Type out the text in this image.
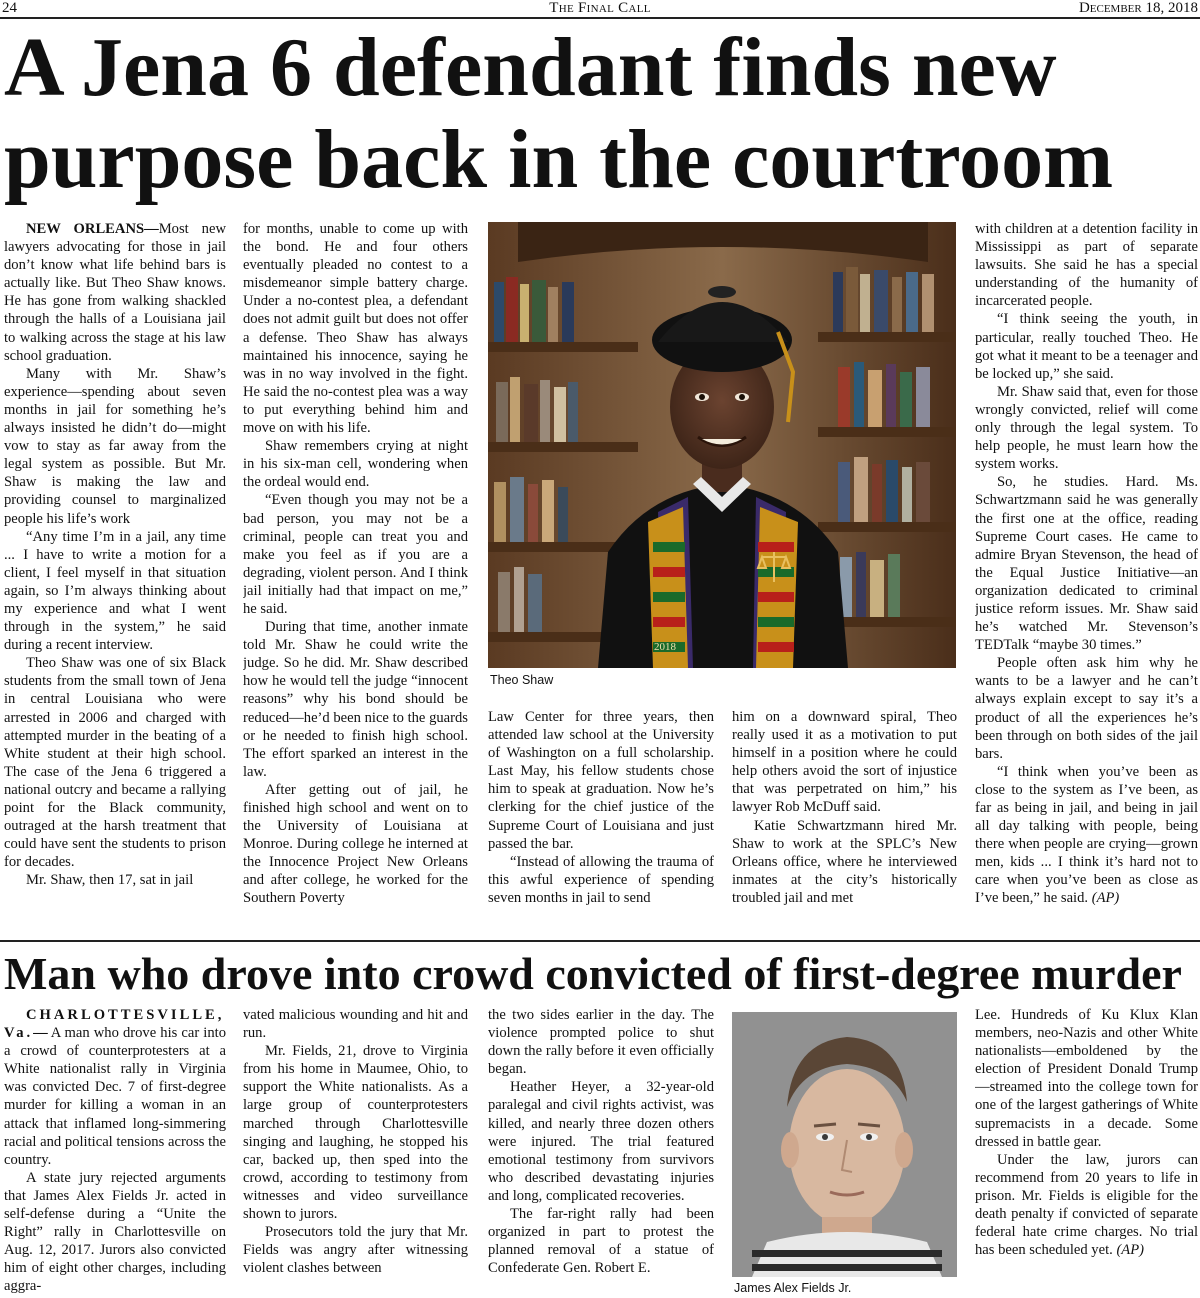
24	The Final Call	December 18, 2018
A Jena 6 defendant finds new
purpose back in the courtroom

NEW ORLEANS—Most new lawyers advocating for those in jail don’t know what life behind bars is actually like. But Theo Shaw knows. He has gone from walking shackled through the halls of a Louisiana jail to walking across the stage at his law school graduation.

Many with Mr. Shaw’s experience—spending about seven months in jail for something he’s always insisted he didn’t do—might vow to stay as far away from the legal system as possible. But Mr. Shaw is making the law and providing counsel to marginalized people his life’s work

“Any time I’m in a jail, any time ... I have to write a motion for a client, I feel myself in that situation again, so I’m always thinking about my experience and what I went through in the system,” he said during a recent interview.

Theo Shaw was one of six Black students from the small town of Jena in central Louisiana who were arrested in 2006 and charged with attempted murder in the beating of a White student at their high school. The case of the Jena 6 triggered a national outcry and became a rallying point for the Black community, outraged at the harsh treatment that could have sent the students to prison for decades.

Mr. Shaw, then 17, sat in jail

for months, unable to come up with the bond. He and four others eventually pleaded no contest to a misdemeanor simple battery charge. Under a no-contest plea, a defendant does not admit guilt but does not offer a defense. Theo Shaw has always maintained his innocence, saying he was in no way involved in the fight. He said the no-contest plea was a way to put everything behind him and move on with his life.

Shaw remembers crying at night in his six-man cell, wondering when the ordeal would end.

“Even though you may not be a bad person, you may not be a criminal, people can treat you and make you feel as if you are a degrading, violent person. And I think jail initially had that impact on me,” he said.

During that time, another inmate told Mr. Shaw he could write the judge. So he did. Mr. Shaw described how he would tell the judge “innocent reasons” why his bond should be reduced—he’d been nice to the guards or he needed to finish high school. The effort sparked an interest in the law.

After getting out of jail, he finished high school and went on to the University of Louisiana at Monroe. During college he interned at the Innocence Project New Orleans and after college, he worked for the Southern Poverty

2018
Theo Shaw

Law Center for three years, then attended law school at the University of Washington on a full scholarship. Last May, his fellow students chose him to speak at graduation. Now he’s clerking for the chief justice of the Supreme Court of Louisiana and just passed the bar.

“Instead of allowing the trauma of this awful experience of spending seven months in jail to send

him on a downward spiral, Theo really used it as a motivation to put himself in a position where he could help others avoid the sort of injustice that was perpetrated on him,” his lawyer Rob McDuff said.

Katie Schwartzmann hired Mr. Shaw to work at the SPLC’s New Orleans office, where he interviewed inmates at the city’s historically troubled jail and met

with children at a detention facility in Mississippi as part of separate lawsuits. She said he has a special understanding of the humanity of incarcerated people.

“I think seeing the youth, in particular, really touched Theo. He got what it meant to be a teenager and be locked up,” she said.

Mr. Shaw said that, even for those wrongly convicted, relief will come only through the legal system. To help people, he must learn how the system works.

So, he studies. Hard. Ms. Schwartzmann said he was generally the first one at the office, reading Supreme Court cases. He came to admire Bryan Stevenson, the head of the Equal Justice Initiative—an organization dedicated to criminal justice reform issues. Mr. Shaw said he’s watched Mr. Stevenson’s TEDTalk “maybe 30 times.”

People often ask him why he wants to be a lawyer and he can’t always explain except to say it’s a product of all the experiences he’s been through on both sides of the jail bars.

“I think when you’ve been as close to the system as I’ve been, as far as being in jail, and being in jail all day talking with people, being there when people are crying—grown men, kids ... I think it’s hard not to care when you’ve been as close as I’ve been,” he said. (AP)

Man who drove into crowd convicted of first-degree murder

CHARLOTTESVILLE, Va.—A man who drove his car into a crowd of counterprotesters at a White nationalist rally in Virginia was convicted Dec. 7 of first-degree murder for killing a woman in an attack that inflamed long-simmering racial and political tensions across the country.

A state jury rejected arguments that James Alex Fields Jr. acted in self-defense during a “Unite the Right” rally in Charlottesville on Aug. 12, 2017. Jurors also convicted him of eight other charges, including aggra-

vated malicious wounding and hit and run.

Mr. Fields, 21, drove to Virginia from his home in Maumee, Ohio, to support the White nationalists. As a large group of counterprotesters marched through Charlottesville singing and laughing, he stopped his car, backed up, then sped into the crowd, according to testimony from witnesses and video surveillance shown to jurors.

Prosecutors told the jury that Mr. Fields was angry after witnessing violent clashes between

the two sides earlier in the day. The violence prompted police to shut down the rally before it even officially began.

Heather Heyer, a 32-year-old paralegal and civil rights activist, was killed, and nearly three dozen others were injured. The trial featured emotional testimony from survivors who described devastating injuries and long, complicated recoveries.

The far-right rally had been organized in part to protest the planned removal of a statue of Confederate Gen. Robert E.

James Alex Fields Jr.

Lee. Hundreds of Ku Klux Klan members, neo-Nazis and other White nationalists—emboldened by the election of President Donald Trump—streamed into the college town for one of the largest gatherings of White supremacists in a decade. Some dressed in battle gear.

Under the law, jurors can recommend from 20 years to life in prison. Mr. Fields is eligible for the death penalty if convicted of separate federal hate crime charges. No trial has been scheduled yet. (AP)
